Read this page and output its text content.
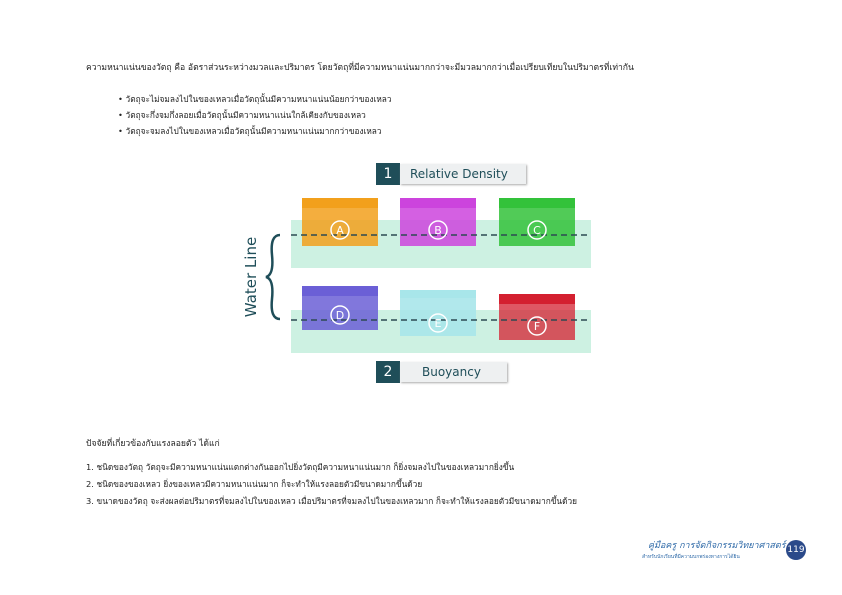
ความหนาแน่นของวัตถุ คือ อัตราส่วนระหว่างมวลและปริมาตร โดยวัตถุที่มีความหนาแน่นมากกว่าจะมีมวลมากกว่าเมื่อเปรียบเทียบในปริมาตรที่เท่ากัน
• วัตถุจะไม่จมลงไปในของเหลวเมื่อวัตถุนั้นมีความหนาแน่นน้อยกว่าของเหลว
• วัตถุจะกึ่งจมกึ่งลอยเมื่อวัตถุนั้นมีความหนาแน่นใกล้เคียงกับของเหลว
• วัตถุจะจมลงไปในของเหลวเมื่อวัตถุนั้นมีความหนาแน่นมากกว่าของเหลว
1	Relative Density
A	B	C
D
E	F
Water Line
2	Buoyancy
ปัจจัยที่เกี่ยวข้องกับแรงลอยตัว ได้แก่
1. ชนิดของวัตถุ วัตถุจะมีความหนาแน่นแตกต่างกันออกไปยิ่งวัตถุมีความหนาแน่นมาก ก็ยิ่งจมลงไปในของเหลวมากยิ่งขึ้น
2. ชนิดของของเหลว ยิ่งของเหลวมีความหนาแน่นมาก ก็จะทำให้แรงลอยตัวมีขนาดมากขึ้นด้วย
3. ขนาดของวัตถุ จะส่งผลต่อปริมาตรที่จมลงไปในของเหลว เมื่อปริมาตรที่จมลงไปในของเหลวมาก ก็จะทำให้แรงลอยตัวมีขนาดมากขึ้นด้วย
คู่มือครู การจัดกิจกรรมวิทยาศาสตร์
สำหรับนักเรียนที่มีความบกพร่องทางการได้ยิน
119
